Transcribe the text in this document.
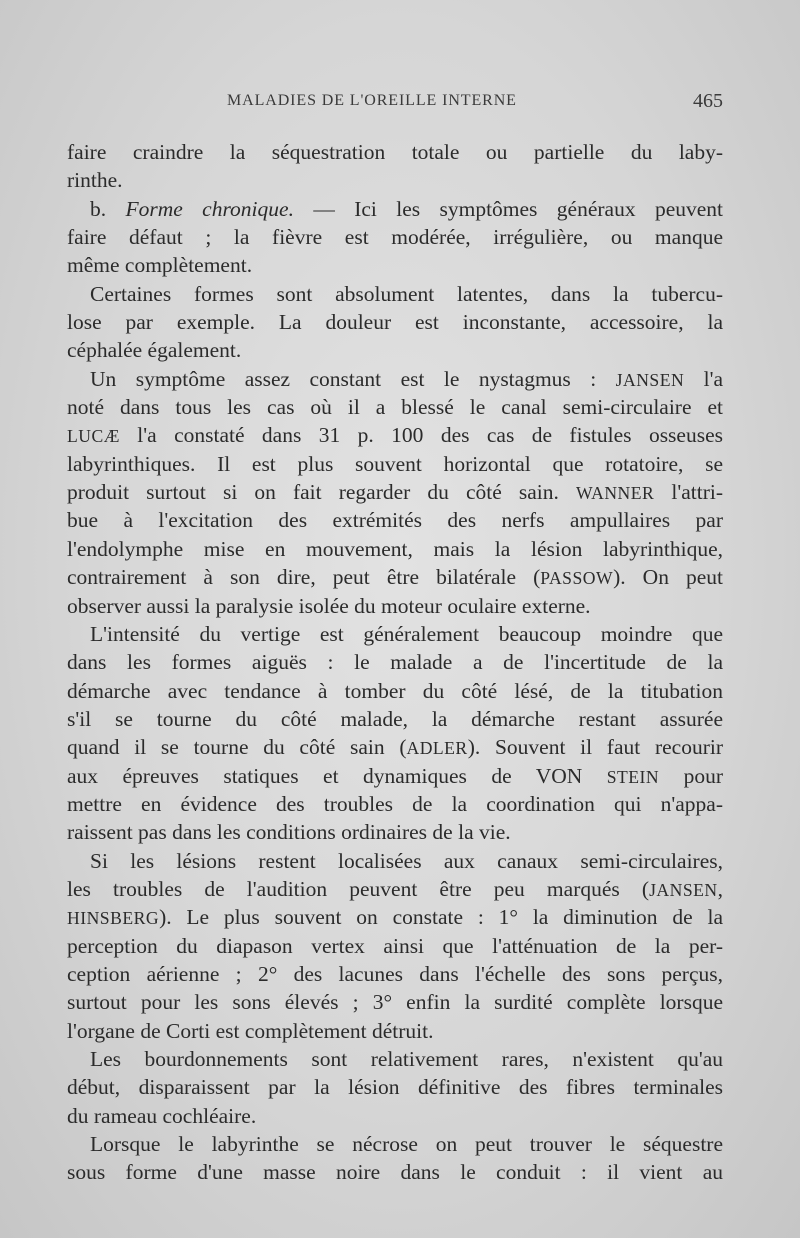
MALADIES DE L'OREILLE INTERNE	465
faire craindre la séquestration totale ou partielle du laby-
rinthe.
b. Forme chronique. — Ici les symptômes généraux peuvent
faire défaut ; la fièvre est modérée, irrégulière, ou manque
même complètement.
Certaines formes sont absolument latentes, dans la tubercu-
lose par exemple. La douleur est inconstante, accessoire, la
céphalée également.
Un symptôme assez constant est le nystagmus : JANSEN l'a
noté dans tous les cas où il a blessé le canal semi-circulaire et
LUCÆ l'a constaté dans 31 p. 100 des cas de fistules osseuses
labyrinthiques. Il est plus souvent horizontal que rotatoire, se
produit surtout si on fait regarder du côté sain. WANNER l'attri-
bue à l'excitation des extrémités des nerfs ampullaires par
l'endolymphe mise en mouvement, mais la lésion labyrinthique,
contrairement à son dire, peut être bilatérale (PASSOW). On peut
observer aussi la paralysie isolée du moteur oculaire externe.
L'intensité du vertige est généralement beaucoup moindre que
dans les formes aiguës : le malade a de l'incertitude de la
démarche avec tendance à tomber du côté lésé, de la titubation
s'il se tourne du côté malade, la démarche restant assurée
quand il se tourne du côté sain (ADLER). Souvent il faut recourir
aux épreuves statiques et dynamiques de VON STEIN pour
mettre en évidence des troubles de la coordination qui n'appa-
raissent pas dans les conditions ordinaires de la vie.
Si les lésions restent localisées aux canaux semi-circulaires,
les troubles de l'audition peuvent être peu marqués (JANSEN,
HINSBERG). Le plus souvent on constate : 1° la diminution de la
perception du diapason vertex ainsi que l'atténuation de la per-
ception aérienne ; 2° des lacunes dans l'échelle des sons perçus,
surtout pour les sons élevés ; 3° enfin la surdité complète lorsque
l'organe de Corti est complètement détruit.
Les bourdonnements sont relativement rares, n'existent qu'au
début, disparaissent par la lésion définitive des fibres terminales
du rameau cochléaire.
Lorsque le labyrinthe se nécrose on peut trouver le séquestre
sous forme d'une masse noire dans le conduit : il vient au
